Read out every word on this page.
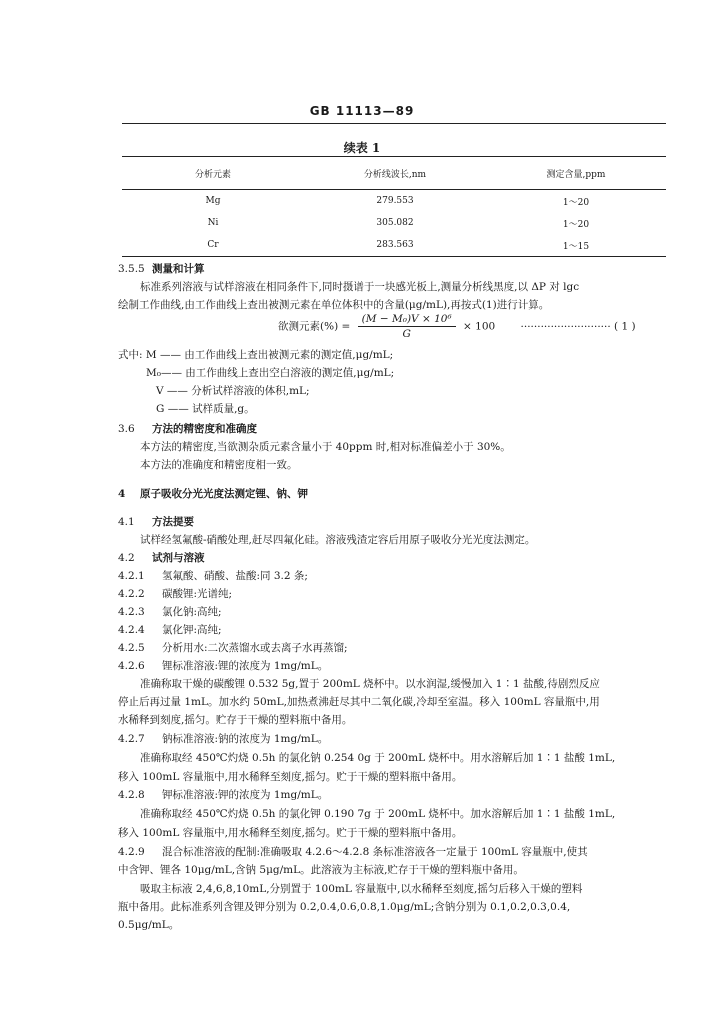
GB 11113—89
续表 1
分析元素	分析线波长,nm	测定含量,ppm
Mg	279.553	1～20
Ni	305.082	1～20
Cr	283.563	1～15
3.5.5 测量和计算
标准系列溶液与试样溶液在相同条件下,同时摄谱于一块感光板上,测量分析线黑度,以 ΔP 对 lgc
绘制工作曲线,由工作曲线上查出被测元素在单位体积中的含量(μg/mL),再按式(1)进行计算。
欲测元素(%) = $\frac{\text{(M − M₀)V × 10⁶}}{G} \times 100$ ··························· ( 1 )
式中: M —— 由工作曲线上查出被测元素的测定值,μg/mL;
M₀—— 由工作曲线上查出空白溶液的测定值,μg/mL;
V —— 分析试样溶液的体积,mL;
G —— 试样质量,g。
3.6 方法的精密度和准确度
本方法的精密度,当欲测杂质元素含量小于 40ppm 时,相对标准偏差小于 30%。
本方法的准确度和精密度相一致。
4 原子吸收分光光度法测定锂、钠、钾
4.1 方法提要
试样经氢氟酸-硝酸处理,赶尽四氟化硅。溶液残渣定容后用原子吸收分光光度法测定。
4.2 试剂与溶液
4.2.1 氢氟酸、硝酸、盐酸:同 3.2 条;
4.2.2 碳酸锂:光谱纯;
4.2.3 氯化钠:高纯;
4.2.4 氯化钾:高纯;
4.2.5 分析用水:二次蒸馏水或去离子水再蒸馏;
4.2.6 锂标准溶液:锂的浓度为 1mg/mL。
准确称取干燥的碳酸锂 0.532 5g,置于 200mL 烧杯中。以水润湿,缓慢加入 1∶1 盐酸,待剧烈反应
停止后再过量 1mL。加水约 50mL,加热煮沸赶尽其中二氧化碳,冷却至室温。移入 100mL 容量瓶中,用
水稀释到刻度,摇匀。贮存于干燥的塑料瓶中备用。
4.2.7 钠标准溶液:钠的浓度为 1mg/mL。
准确称取经 450℃灼烧 0.5h 的氯化钠 0.254 0g 于 200mL 烧杯中。用水溶解后加 1∶1 盐酸 1mL,
移入 100mL 容量瓶中,用水稀释至刻度,摇匀。贮于干燥的塑料瓶中备用。
4.2.8 钾标准溶液:钾的浓度为 1mg/mL。
准确称取经 450℃灼烧 0.5h 的氯化钾 0.190 7g 于 200mL 烧杯中。加水溶解后加 1∶1 盐酸 1mL,
移入 100mL 容量瓶中,用水稀释至刻度,摇匀。贮于干燥的塑料瓶中备用。
4.2.9 混合标准溶液的配制:准确吸取 4.2.6～4.2.8 条标准溶液各一定量于 100mL 容量瓶中,使其
中含钾、锂各 10μg/mL,含钠 5μg/mL。此溶液为主标液,贮存于干燥的塑料瓶中备用。
吸取主标液 2,4,6,8,10mL,分别置于 100mL 容量瓶中,以水稀释至刻度,摇匀后移入干燥的塑料
瓶中备用。此标准系列含锂及钾分别为 0.2,0.4,0.6,0.8,1.0μg/mL;含钠分别为 0.1,0.2,0.3,0.4,
0.5μg/mL。
